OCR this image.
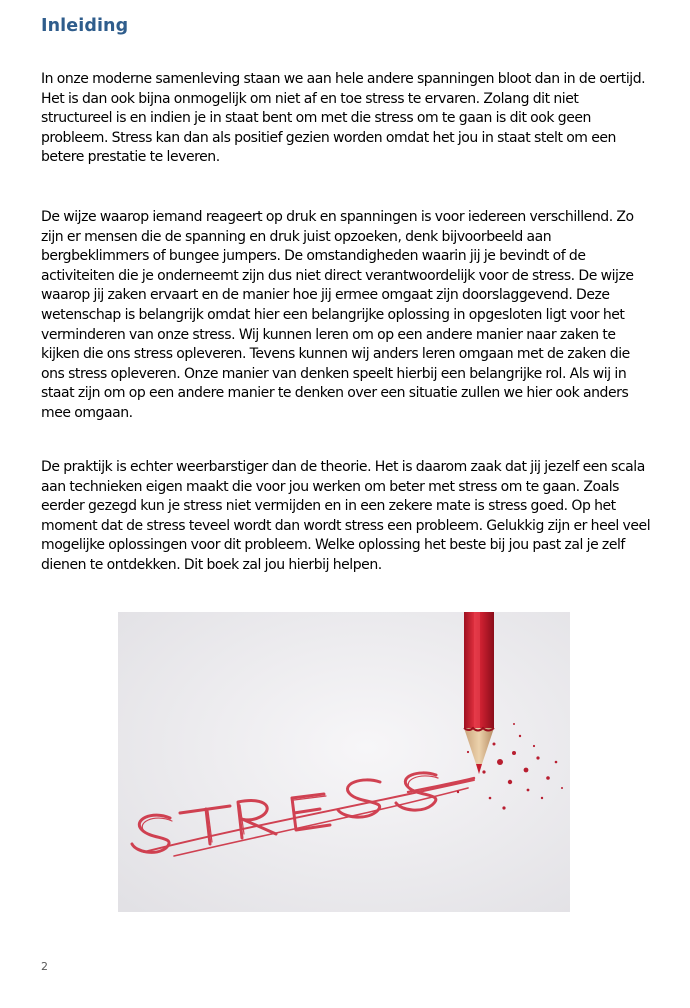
Inleiding

In onze moderne samenleving staan we aan hele andere spanningen bloot dan in de oertijd.
Het is dan ook bijna onmogelijk om niet af en toe stress te ervaren. Zolang dit niet
structureel is en indien je in staat bent om met die stress om te gaan is dit ook geen
probleem. Stress kan dan als positief gezien worden omdat het jou in staat stelt om een
betere prestatie te leveren.

De wijze waarop iemand reageert op druk en spanningen is voor iedereen verschillend. Zo
zijn er mensen die de spanning en druk juist opzoeken, denk bijvoorbeeld aan
bergbeklimmers of bungee jumpers. De omstandigheden waarin jij je bevindt of de
activiteiten die je onderneemt zijn dus niet direct verantwoordelijk voor de stress. De wijze
waarop jij zaken ervaart en de manier hoe jij ermee omgaat zijn doorslaggevend. Deze
wetenschap is belangrijk omdat hier een belangrijke oplossing in opgesloten ligt voor het
verminderen van onze stress. Wij kunnen leren om op een andere manier naar zaken te
kijken die ons stress opleveren. Tevens kunnen wij anders leren omgaan met de zaken die
ons stress opleveren. Onze manier van denken speelt hierbij een belangrijke rol. Als wij in
staat zijn om op een andere manier te denken over een situatie zullen we hier ook anders
mee omgaan.

De praktijk is echter weerbarstiger dan de theorie. Het is daarom zaak dat jij jezelf een scala
aan technieken eigen maakt die voor jou werken om beter met stress om te gaan. Zoals
eerder gezegd kun je stress niet vermijden en in een zekere mate is stress goed. Op het
moment dat de stress teveel wordt dan wordt stress een probleem. Gelukkig zijn er heel veel
mogelijke oplossingen voor dit probleem. Welke oplossing het beste bij jou past zal je zelf
dienen te ontdekken. Dit boek zal jou hierbij helpen.

2
